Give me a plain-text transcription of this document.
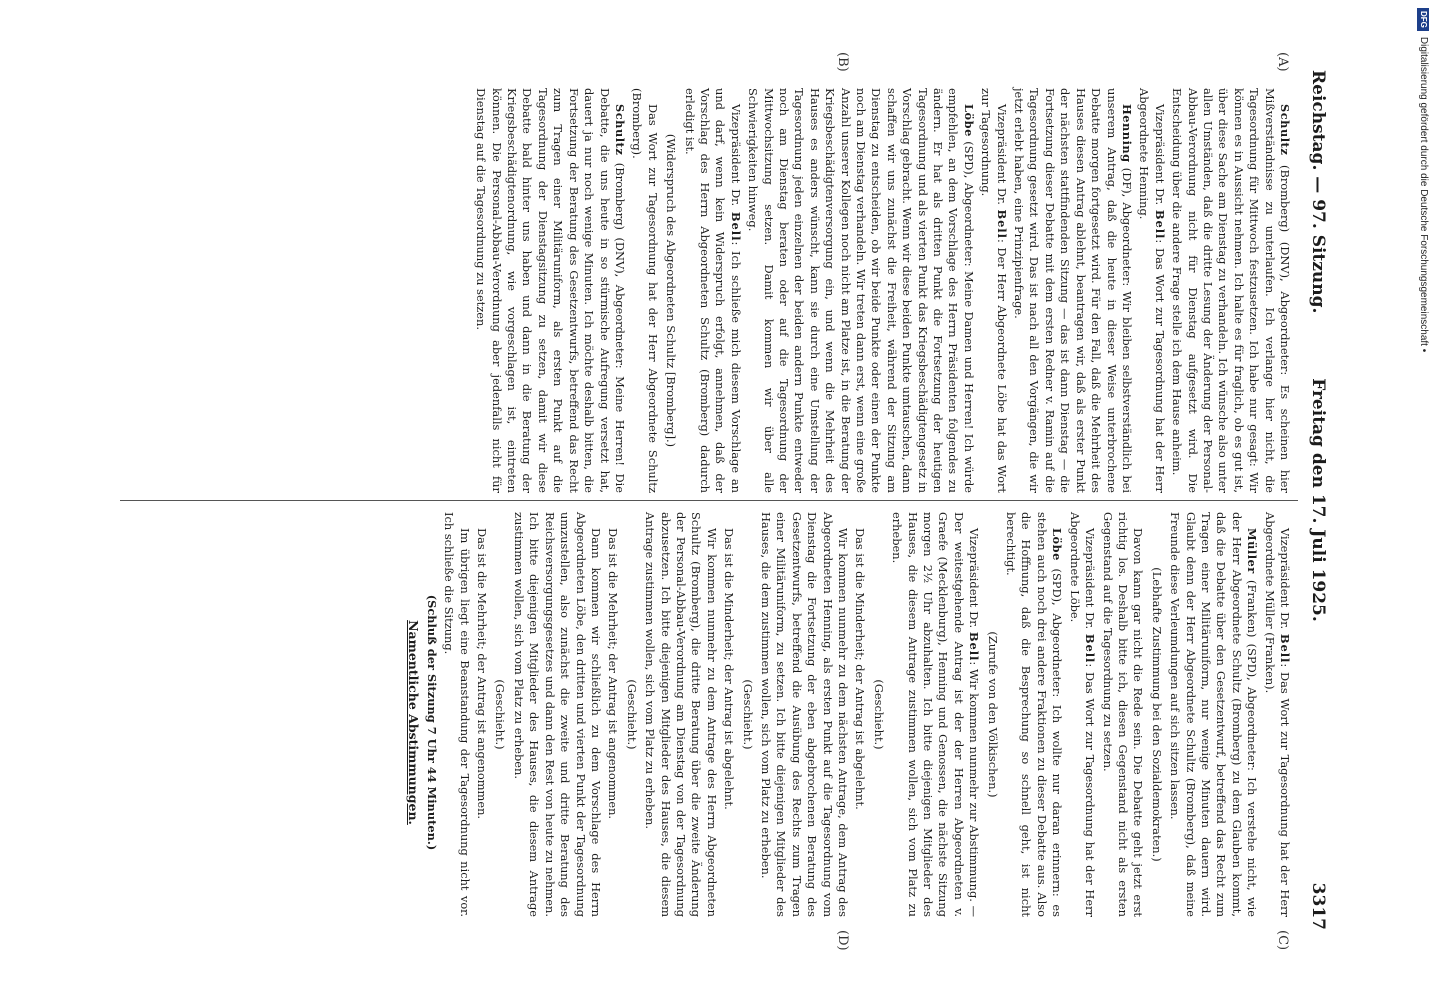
Reichstag. — 97. Sitzung.
Freitag den 17. Juli 1925.
3317
(A)
(B)
(C)
(D)

Schultz (Bromberg) (DNV), Abgeordneter: Es scheinen hier Mißverständnisse zu unterlaufen. Ich verlange hier nicht, die Tagesordnung für Mittwoch festzusetzen. Ich habe nur gesagt: Wir können es in Aussicht nehmen. Ich halte es für fraglich, ob es gut ist, über diese Sache am Dienstag zu verhandeln. Ich wünsche also unter allen Umständen, daß die dritte Lesung der Änderung der Personal-Abbau-Verordnung nicht für Dienstag aufgesetzt wird. Die Entscheidung über die andere Frage stelle ich dem Hause anheim.

Vizepräsident Dr. Bell: Das Wort zur Tagesordnung hat der Herr Abgeordnete Henning.

Henning (DF), Abgeordneter: Wir bleiben selbstverständlich bei unserem Antrag, daß die heute in dieser Weise unterbrochene Debatte morgen fortgesetzt wird. Für den Fall, daß die Mehrheit des Hauses diesen Antrag ablehnt, beantragen wir, daß als erster Punkt der nächsten stattfindenden Sitzung — das ist dann Dienstag — die Fortsetzung dieser Debatte mit dem ersten Redner v. Ramin auf die Tagesordnung gesetzt wird. Das ist nach all den Vorgängen, die wir jetzt erlebt haben, eine Prinzipienfrage.

Vizepräsident Dr. Bell: Der Herr Abgeordnete Löbe hat das Wort zur Tagesordnung.

Löbe (SPD), Abgeordneter: Meine Damen und Herren! Ich würde empfehlen, an dem Vorschlage des Herrn Präsidenten folgendes zu ändern. Er hat als dritten Punkt die Fortsetzung der heutigen Tagesordnung und als vierten Punkt das Kriegsbeschädigtengesetz in Vorschlag gebracht. Wenn wir diese beiden Punkte umtauschen, dann schaffen wir uns zunächst die Freiheit, während der Sitzung am Dienstag zu entscheiden, ob wir beide Punkte oder einen der Punkte noch am Dienstag verhandeln. Wir treten dann erst, wenn eine große Anzahl unserer Kollegen noch nicht am Platze ist, in die Beratung der Kriegsbeschädigtenversorgung ein, und wenn die Mehrheit des Hauses es anders wünscht, kann sie durch eine Umstellung der Tagesordnung jeden einzelnen der beiden andern Punkte entweder noch am Dienstag beraten oder auf die Tagesordnung der Mittwochsitzung setzen. Damit kommen wir über alle Schwierigkeiten hinweg.

Vizepräsident Dr. Bell: Ich schließe mich diesem Vorschlage an und darf, wenn kein Widerspruch erfolgt, annehmen, daß der Vorschlag des Herrn Abgeordneten Schultz (Bromberg) dadurch erledigt ist.

(Widerspruch des Abgeordneten Schultz [Bromberg].)

Das Wort zur Tagesordnung hat der Herr Abgeordnete Schultz (Bromberg).

Schultz (Bromberg) (DNV), Abgeordneter: Meine Herren! Die Debatte, die uns heute in so stürmische Aufregung versetzt hat, dauert ja nur noch wenige Minuten. Ich möchte deshalb bitten, die Fortsetzung der Beratung des Gesetzentwurfs, betreffend das Recht zum Tragen einer Militäruniform, als ersten Punkt auf die Tagesordnung der Dienstagsitzung zu setzen, damit wir diese Debatte bald hinter uns haben und dann in die Beratung der Kriegsbeschädigtenordnung, wie vorgeschlagen ist, eintreten können. Die Personal-Abbau-Verordnung aber jedenfalls nicht für Dienstag auf die Tagesordnung zu setzen.

Vizepräsident Dr. Bell: Das Wort zur Tagesordnung hat der Herr Abgeordnete Müller (Franken).

Müller (Franken) (SPD), Abgeordneter: Ich verstehe nicht, wie der Herr Abgeordnete Schultz (Bromberg) zu dem Glauben kommt, daß die Debatte über den Gesetzentwurf, betreffend das Recht zum Tragen einer Militäruniform, nur wenige Minuten dauern wird. Glaubt denn der Herr Abgeordnete Schultz (Bromberg), daß meine Freunde diese Verleumdungen auf sich sitzen lassen.

(Lebhafte Zustimmung bei den Sozialdemokraten.)

Davon kann gar nicht die Rede sein. Die Debatte geht jetzt erst richtig los. Deshalb bitte ich, diesen Gegenstand nicht als ersten Gegenstand auf die Tagesordnung zu setzen.

Vizepräsident Dr. Bell: Das Wort zur Tagesordnung hat der Herr Abgeordnete Löbe.

Löbe (SPD), Abgeordneter: Ich wollte nur daran erinnern: es stehen auch noch drei andere Fraktionen zu dieser Debatte aus. Also die Hoffnung, daß die Besprechung so schnell geht, ist nicht berechtigt.

(Zurufe von den Völkischen.)

Vizepräsident Dr. Bell: Wir kommen nunmehr zur Abstimmung. — Der weitestgehende Antrag ist der der Herren Abgeordneten v. Graefe (Mecklenburg), Henning und Genossen, die nächste Sitzung morgen 2½ Uhr abzuhalten. Ich bitte diejenigen Mitglieder des Hauses, die diesem Antrage zustimmen wollen, sich vom Platz zu erheben.

(Geschieht.)

Das ist die Minderheit; der Antrag ist abgelehnt.

Wir kommen nunmehr zu dem nächsten Antrage, dem Antrag des Abgeordneten Henning, als ersten Punkt auf die Tagesordnung vom Dienstag die Fortsetzung der eben abgebrochenen Beratung des Gesetzentwurfs, betreffend die Ausübung des Rechts zum Tragen einer Militäruniform, zu setzen. Ich bitte diejenigen Mitglieder des Hauses, die dem zustimmen wollen, sich vom Platz zu erheben.

(Geschieht.)

Das ist die Minderheit; der Antrag ist abgelehnt.

Wir kommen nunmehr zu dem Antrage des Herrn Abgeordneten Schultz (Bromberg), die dritte Beratung über die zweite Änderung der Personal-Abbau-Verordnung am Dienstag von der Tagesordnung abzusetzen. Ich bitte diejenigen Mitglieder des Hauses, die diesem Antrage zustimmen wollen, sich vom Platz zu erheben.

(Geschieht.)

Das ist die Mehrheit; der Antrag ist angenommen.

Dann kommen wir schließlich zu dem Vorschlage des Herrn Abgeordneten Löbe, den dritten und vierten Punkt der Tagesordnung umzustellen, also zunächst die zweite und dritte Beratung des Reichsversorgungsgesetzes und dann den Rest von heute zu nehmen. Ich bitte diejenigen Mitglieder des Hauses, die diesem Antrage zustimmen wollen, sich vom Platz zu erheben.

(Geschieht.)

Das ist die Mehrheit; der Antrag ist angenommen.

Im übrigen liegt eine Beanstandung der Tagesordnung nicht vor. Ich schließe die Sitzung.

(Schluß der Sitzung 7 Uhr 44 Minuten.)

Namentliche Abstimmungen.

DFGDigitalisierung gefördert durch die Deutsche Forschungsgemeinschaft •
